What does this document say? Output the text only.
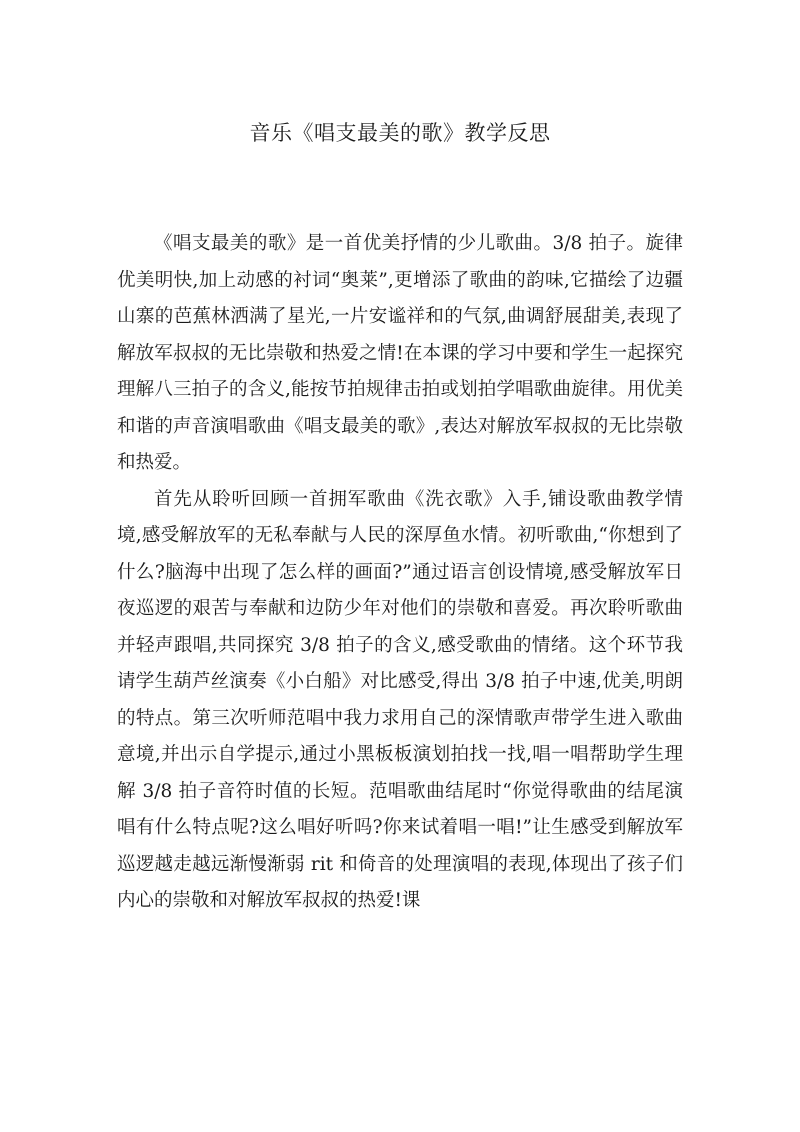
音乐《唱支最美的歌》教学反思

《唱支最美的歌》是一首优美抒情的少儿歌曲。3/8 拍子。旋律优美明快,加上动感的衬词“奥莱”,更增添了歌曲的韵味,它描绘了边疆山寨的芭蕉林洒满了星光,一片安谧祥和的气氛,曲调舒展甜美,表现了解放军叔叔的无比崇敬和热爱之情!在本课的学习中要和学生一起探究理解八三拍子的含义,能按节拍规律击拍或划拍学唱歌曲旋律。用优美和谐的声音演唱歌曲《唱支最美的歌》,表达对解放军叔叔的无比崇敬和热爱。

首先从聆听回顾一首拥军歌曲《洗衣歌》入手,铺设歌曲教学情境,感受解放军的无私奉献与人民的深厚鱼水情。初听歌曲,“你想到了什么?脑海中出现了怎么样的画面?”通过语言创设情境,感受解放军日夜巡逻的艰苦与奉献和边防少年对他们的崇敬和喜爱。再次聆听歌曲并轻声跟唱,共同探究 3/8 拍子的含义,感受歌曲的情绪。这个环节我请学生葫芦丝演奏《小白船》对比感受,得出 3/8 拍子中速,优美,明朗的特点。第三次听师范唱中我力求用自己的深情歌声带学生进入歌曲意境,并出示自学提示,通过小黑板板演划拍找一找,唱一唱帮助学生理解 3/8 拍子音符时值的长短。范唱歌曲结尾时“你觉得歌曲的结尾演唱有什么特点呢?这么唱好听吗?你来试着唱一唱!”让生感受到解放军巡逻越走越远渐慢渐弱 rit 和倚音的处理演唱的表现,体现出了孩子们内心的崇敬和对解放军叔叔的热爱!课
